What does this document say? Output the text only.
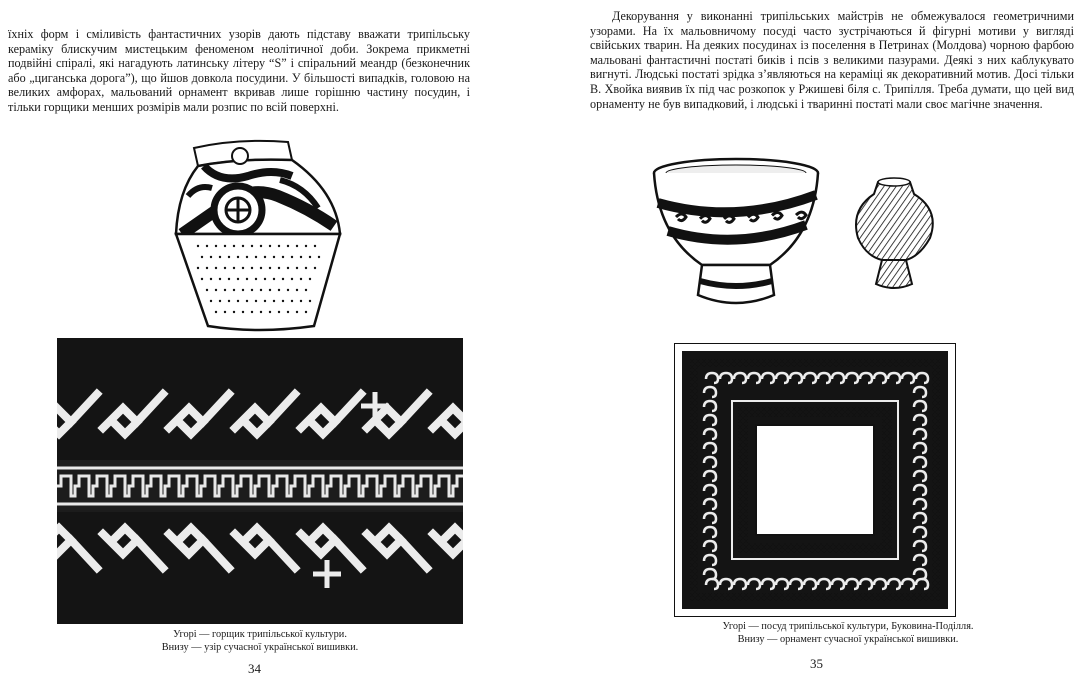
їхніх форм і сміливість фантастичних узорів дають підставу вважати трипільську кераміку блискучим мистецьким феноменом неолітичної доби. Зокрема прикметні подвійні спіралі, які нагадують латинську літеру “S” і спіральний меандр (безконечник або „циганська дорога”), що йшов довкола посудини. У більшості випадків, головою на великих амфорах, мальований орнамент вкривав лише горішню частину посудин, і тільки горщики менших розмірів мали розпис по всій поверхні.

Угорі — горщик трипільської культури.
Внизу — узір сучасної української вишивки.
34

Декорування у виконанні трипільських майстрів не обмежувалося геометричними узорами. На їх мальовничому посуді часто зустрічаються й фігурні мотиви у вигляді свійських тварин. На деяких посудинах із поселення в Петринах (Молдова) чорною фарбою мальовані фантастичні постаті биків і псів з великими пазурами. Деякі з них каблукувато вигнуті. Людські постаті зрідка з’являються на кераміці як декоративний мотив. Досі тільки В. Хвойка виявив їх під час розкопок у Ржишеві біля с. Трипілля. Треба думати, що цей вид орнаменту не був випадковий, і людські і тваринні постаті мали своє магічне значення.

Угорі — посуд трипільської культури, Буковина-Поділля.
Внизу — орнамент сучасної української вишивки.
35
